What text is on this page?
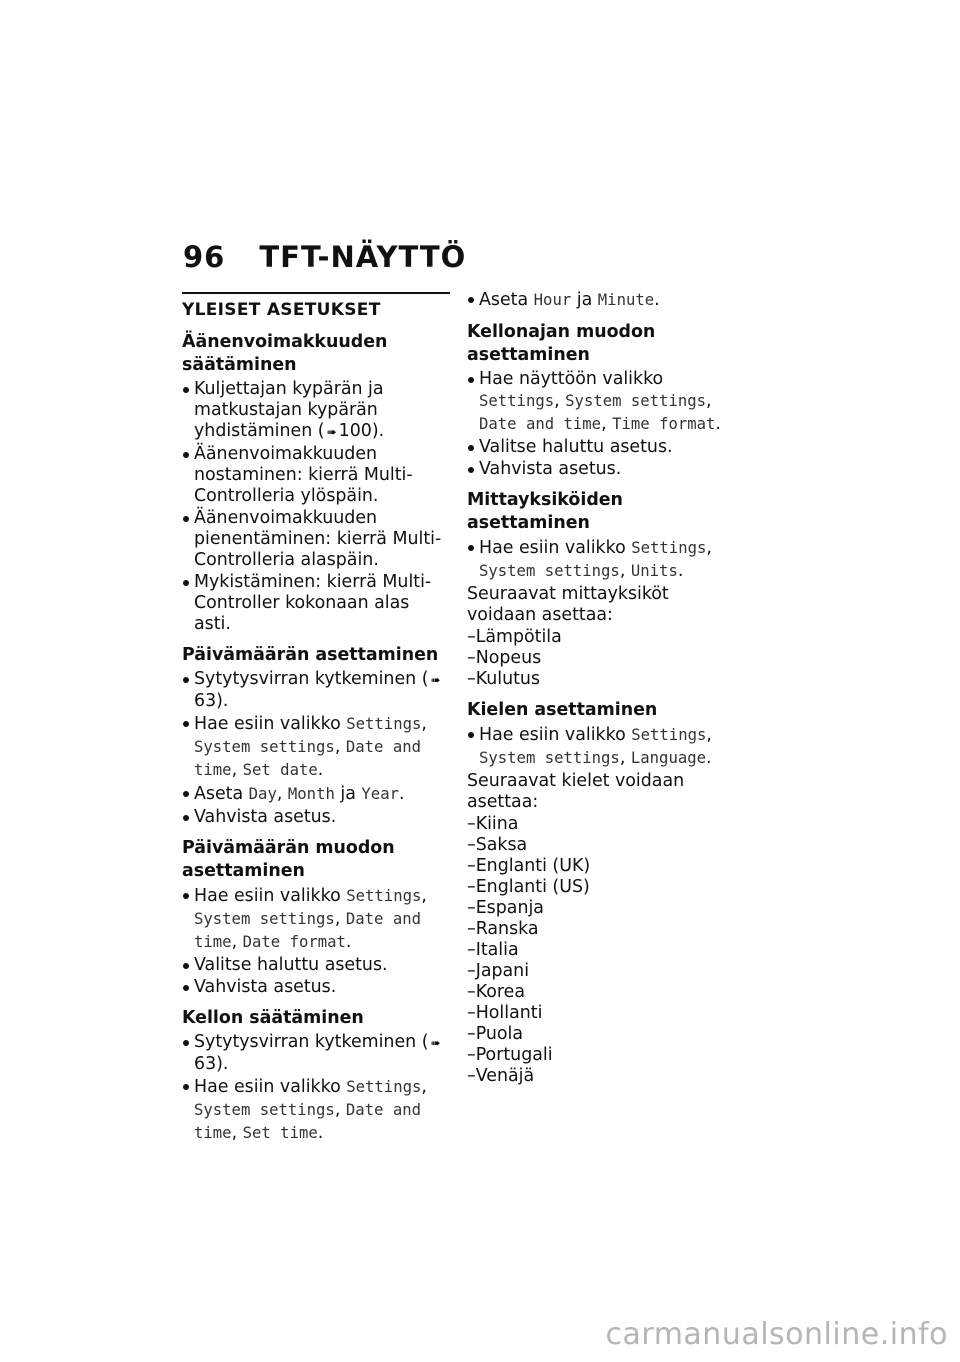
96 TFT-NÄYTTÖ
YLEISET ASETUKSET
Äänenvoimakkuuden säätäminen
Kuljettajan kypärän ja matkustajan kypärän yhdistäminen ( ➠ 100).
Äänenvoimakkuuden nostaminen: kierrä Multi-Controlleria ylöspäin.
Äänenvoimakkuuden pienentäminen: kierrä Multi-Controlleria alaspäin.
Mykistäminen: kierrä Multi-Controller kokonaan alas asti.
Päivämäärän asettaminen
Sytytysvirran kytkeminen ( ➠63).
Hae esiin valikko Settings, System settings, Date and time, Set date.
Aseta Day, Month ja Year.
Vahvista asetus.
Päivämäärän muodon asettaminen
Hae esiin valikko Settings, System settings, Date and time, Date format.
Valitse haluttu asetus.
Vahvista asetus.
Kellon säätäminen
Sytytysvirran kytkeminen ( ➠63).
Hae esiin valikko Settings, System settings, Date and time, Set time.
Aseta Hour ja Minute.
Kellonajan muodon asettaminen
Hae näyttöön valikko Settings, System settings, Date and time, Time format.
Valitse haluttu asetus.
Vahvista asetus.
Mittayksiköiden asettaminen
Hae esiin valikko Settings, System settings, Units.
Seuraavat mittayksiköt voidaan asettaa:
–Lämpötila
–Nopeus
–Kulutus
Kielen asettaminen
Hae esiin valikko Settings, System settings, Language.
Seuraavat kielet voidaan asettaa:
–Kiina
–Saksa
–Englanti (UK)
–Englanti (US)
–Espanja
–Ranska
–Italia
–Japani
–Korea
–Hollanti
–Puola
–Portugali
–Venäjä
carmanualsonline.info
